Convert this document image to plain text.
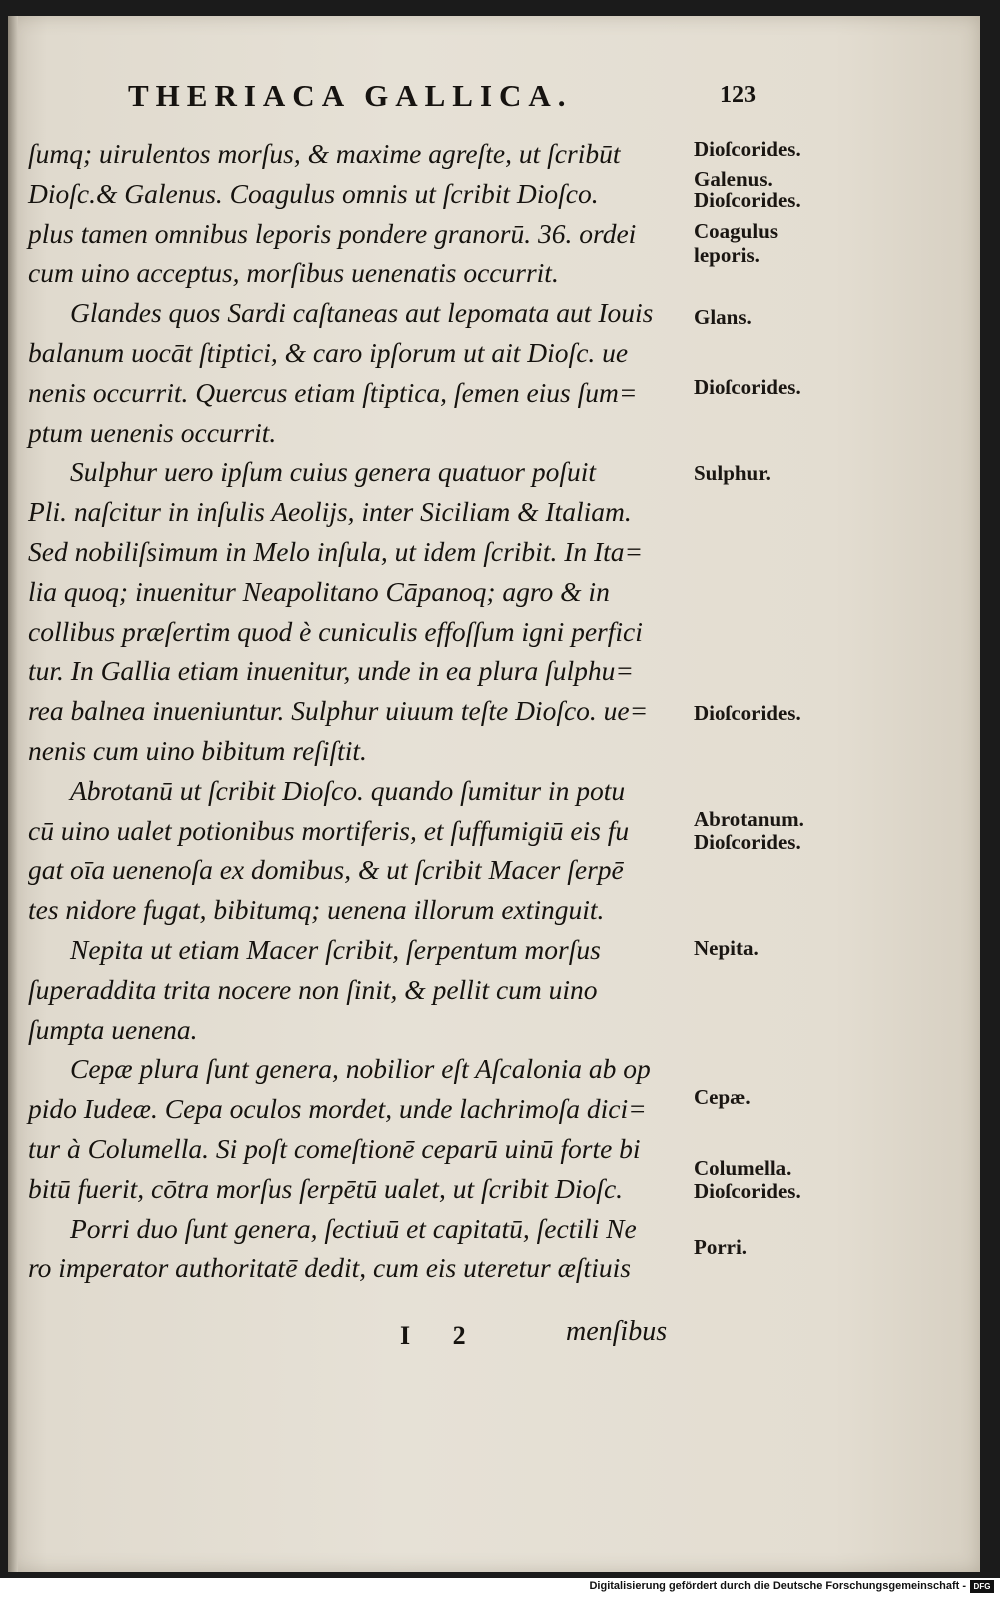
THERIACA GALLICA.	123
ſumq; uirulentos morſus, & maxime agreſte, ut ſcribūt
Dioſc.& Galenus. Coagulus omnis ut ſcribit Dioſco.
plus tamen omnibus leporis pondere granorū. 36. ordei
cum uino acceptus, morſibus uenenatis occurrit.
Glandes quos Sardi caſtaneas aut lepomata aut Iouis
balanum uocāt ſtiptici, & caro ipſorum ut ait Dioſc. ue
nenis occurrit. Quercus etiam ſtiptica, ſemen eius ſum=
ptum uenenis occurrit.
Sulphur uero ipſum cuius genera quatuor poſuit
Pli. naſcitur in inſulis Aeolijs, inter Siciliam & Italiam.
Sed nobiliſsimum in Melo inſula, ut idem ſcribit. In Ita=
lia quoq; inuenitur Neapolitano Cāpanoq; agro & in
collibus præſertim quod è cuniculis effoſſum igni perfici
tur. In Gallia etiam inuenitur, unde in ea plura ſulphu=
rea balnea inueniuntur. Sulphur uiuum teſte Dioſco. ue=
nenis cum uino bibitum reſiſtit.
Abrotanū ut ſcribit Dioſco. quando ſumitur in potu
cū uino ualet potionibus mortiferis, et ſuffumigiū eis fu
gat oīa uenenoſa ex domibus, & ut ſcribit Macer ſerpē
tes nidore fugat, bibitumq; uenena illorum extinguit.
Nepita ut etiam Macer ſcribit, ſerpentum morſus
ſuperaddita trita nocere non ſinit, & pellit cum uino
ſumpta uenena.
Cepæ plura ſunt genera, nobilior eſt Aſcalonia ab op
pido Iudeæ. Cepa oculos mordet, unde lachrimoſa dici=
tur à Columella. Si poſt comeſtionē ceparū uinū forte bi
bitū fuerit, cōtra morſus ſerpētū ualet, ut ſcribit Dioſc.
Porri duo ſunt genera, ſectiuū et capitatū, ſectili Ne
ro imperator authoritatē dedit, cum eis uteretur æſtiuis
Dioſcorides.
Galenus.
Dioſcorides.
Coagulus
leporis.
Glans.
Dioſcorides.
Sulphur.
Dioſcorides.
Abrotanum.
Dioſcorides.
Nepita.
Cepæ.
Columella.
Dioſcorides.
Porri.
I 2	menſibus
Digitalisierung gefördert durch die Deutsche Forschungsgemeinschaft - DFG
